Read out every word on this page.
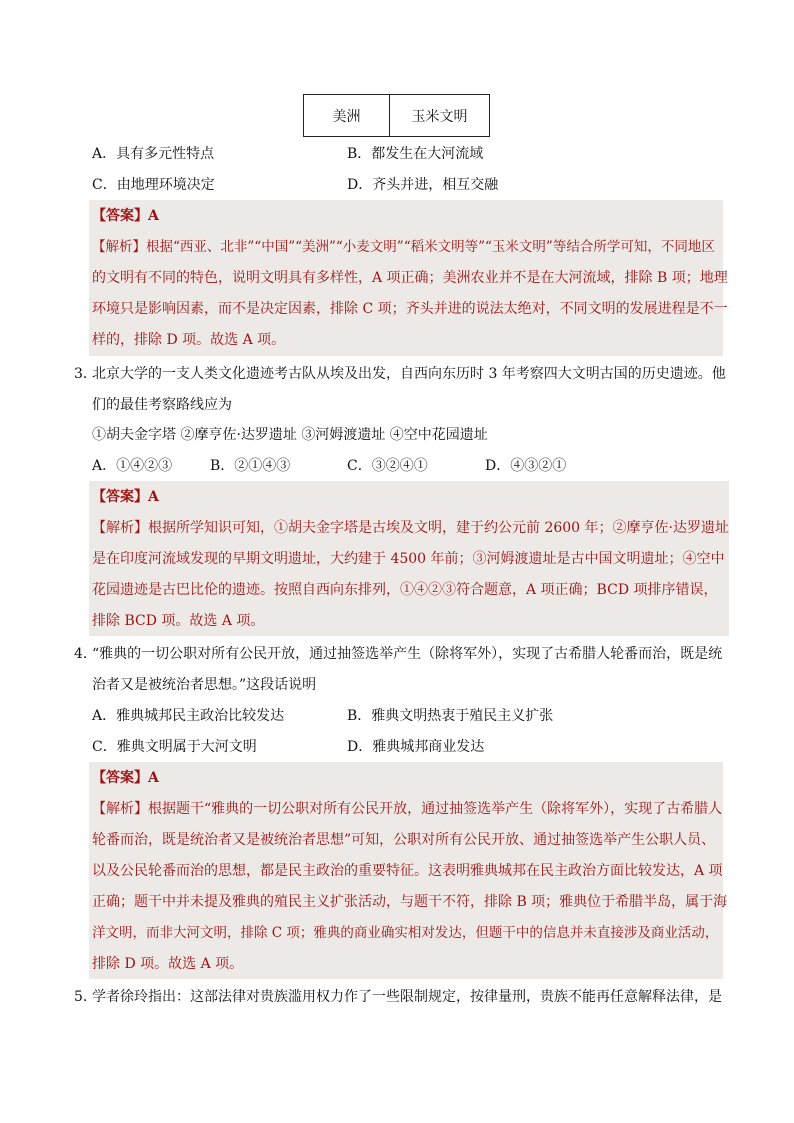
美洲	玉米文明
A．具有多元性特点	B．都发生在大河流域
C．由地理环境决定	D．齐头并进，相互交融
【答案】A
【解析】根据“西亚、北非”“中国”“美洲”“小麦文明”“稻米文明等”“玉米文明”等结合所学可知，不同地区
的文明有不同的特色，说明文明具有多样性，A 项正确；美洲农业并不是在大河流域，排除 B 项；地理
环境只是影响因素，而不是决定因素，排除 C 项；齐头并进的说法太绝对，不同文明的发展进程是不一
样的，排除 D 项。故选 A 项。
3．
北京大学的一支人类文化遗迹考古队从埃及出发，自西向东历时 3 年考察四大文明古国的历史遗迹。他
们的最佳考察路线应为
①胡夫金字塔 ②摩亨佐·达罗遗址 ③河姆渡遗址 ④空中花园遗址
A．①④②③	B．②①④③	C．③②④①	D．④③②①
【答案】A
【解析】根据所学知识可知，①胡夫金字塔是古埃及文明，建于约公元前 2600 年；②摩亨佐·达罗遗址
是在印度河流域发现的早期文明遗址，大约建于 4500 年前；③河姆渡遗址是古中国文明遗址；④空中
花园遗迹是古巴比伦的遗迹。按照自西向东排列，①④②③符合题意，A 项正确；BCD 项排序错误，
排除 BCD 项。故选 A 项。
4．
“雅典的一切公职对所有公民开放，通过抽签选举产生（除将军外），实现了古希腊人轮番而治，既是统
治者又是被统治者思想。”这段话说明
A．雅典城邦民主政治比较发达	B．雅典文明热衷于殖民主义扩张
C．雅典文明属于大河文明	D．雅典城邦商业发达
【答案】A
【解析】根据题干“雅典的一切公职对所有公民开放，通过抽签选举产生（除将军外），实现了古希腊人
轮番而治，既是统治者又是被统治者思想”可知，公职对所有公民开放、通过抽签选举产生公职人员、
以及公民轮番而治的思想，都是民主政治的重要特征。这表明雅典城邦在民主政治方面比较发达，A 项
正确；题干中并未提及雅典的殖民主义扩张活动，与题干不符，排除 B 项；雅典位于希腊半岛，属于海
洋文明，而非大河文明，排除 C 项；雅典的商业确实相对发达，但题干中的信息并未直接涉及商业活动，
排除 D 项。故选 A 项。
5．
学者徐玲指出：这部法律对贵族滥用权力作了一些限制规定，按律量刑，贵族不能再任意解释法律，是
